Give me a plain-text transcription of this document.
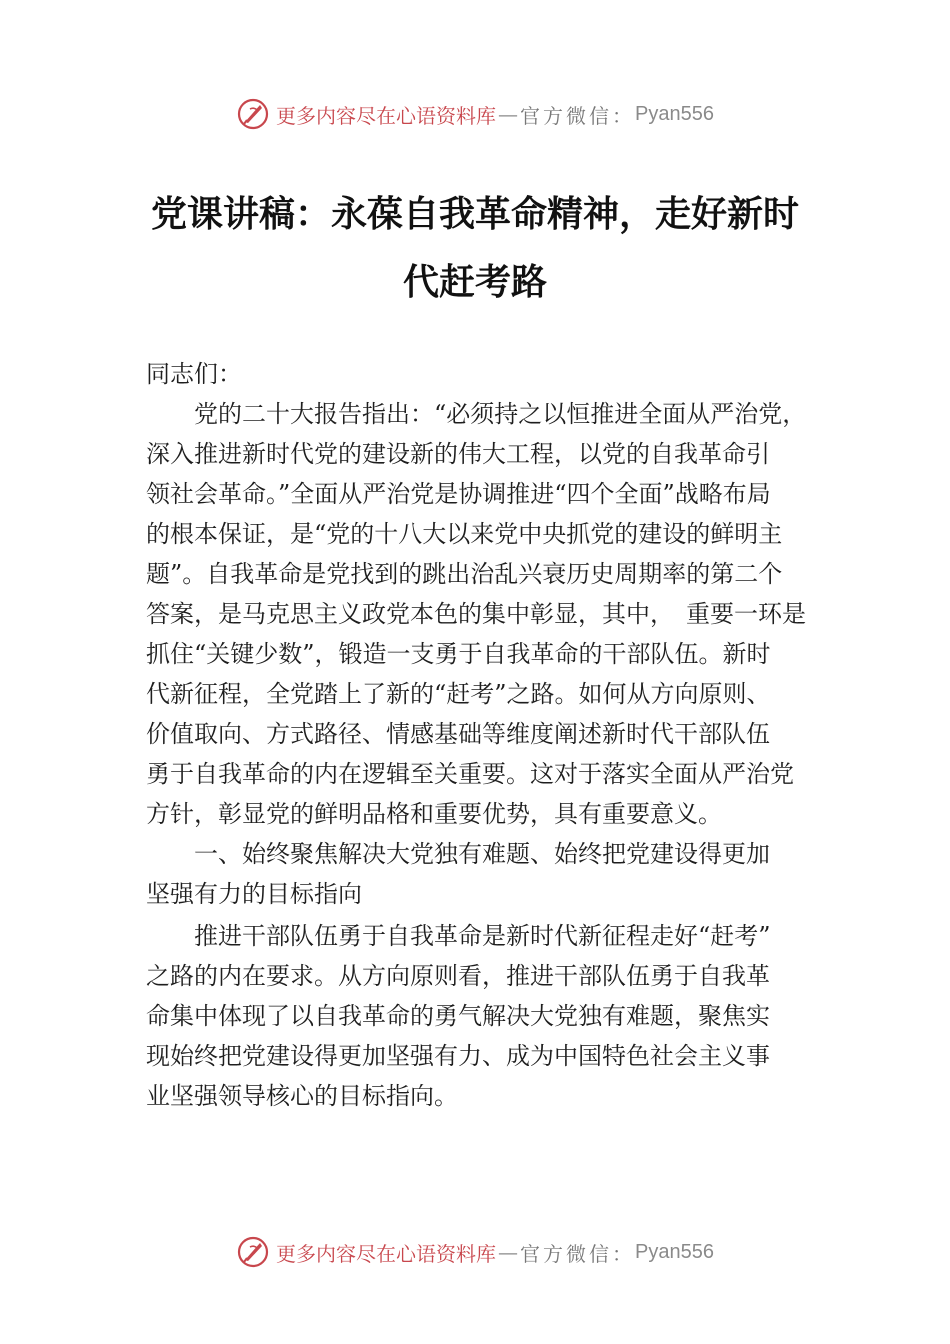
更多内容尽在心语资料库 — 官方微信： Pyan556
党课讲稿：永葆自我革命精神，走好新时
代赶考路
同志们：
　　党的二十大报告指出：“必须持之以恒推进全面从严治党，
深入推进新时代党的建设新的伟大工程，以党的自我革命引
领社会革命。”全面从严治党是协调推进“四个全面”战略布局
的根本保证，是“党的十八大以来党中央抓党的建设的鲜明主
题”。自我革命是党找到的跳出治乱兴衰历史周期率的第二个
答案，是马克思主义政党本色的集中彰显，其中，　重要一环是
抓住“关键少数”，锻造一支勇于自我革命的干部队伍。新时
代新征程，全党踏上了新的“赶考”之路。如何从方向原则、
价值取向、方式路径、情感基础等维度阐述新时代干部队伍
勇于自我革命的内在逻辑至关重要。这对于落实全面从严治党
方针，彰显党的鲜明品格和重要优势，具有重要意义。
　　一、始终聚焦解决大党独有难题、始终把党建设得更加
坚强有力的目标指向
　　推进干部队伍勇于自我革命是新时代新征程走好“赶考”
之路的内在要求。从方向原则看，推进干部队伍勇于自我革
命集中体现了以自我革命的勇气解决大党独有难题，聚焦实
现始终把党建设得更加坚强有力、成为中国特色社会主义事
业坚强领导核心的目标指向。
更多内容尽在心语资料库 — 官方微信： Pyan556
